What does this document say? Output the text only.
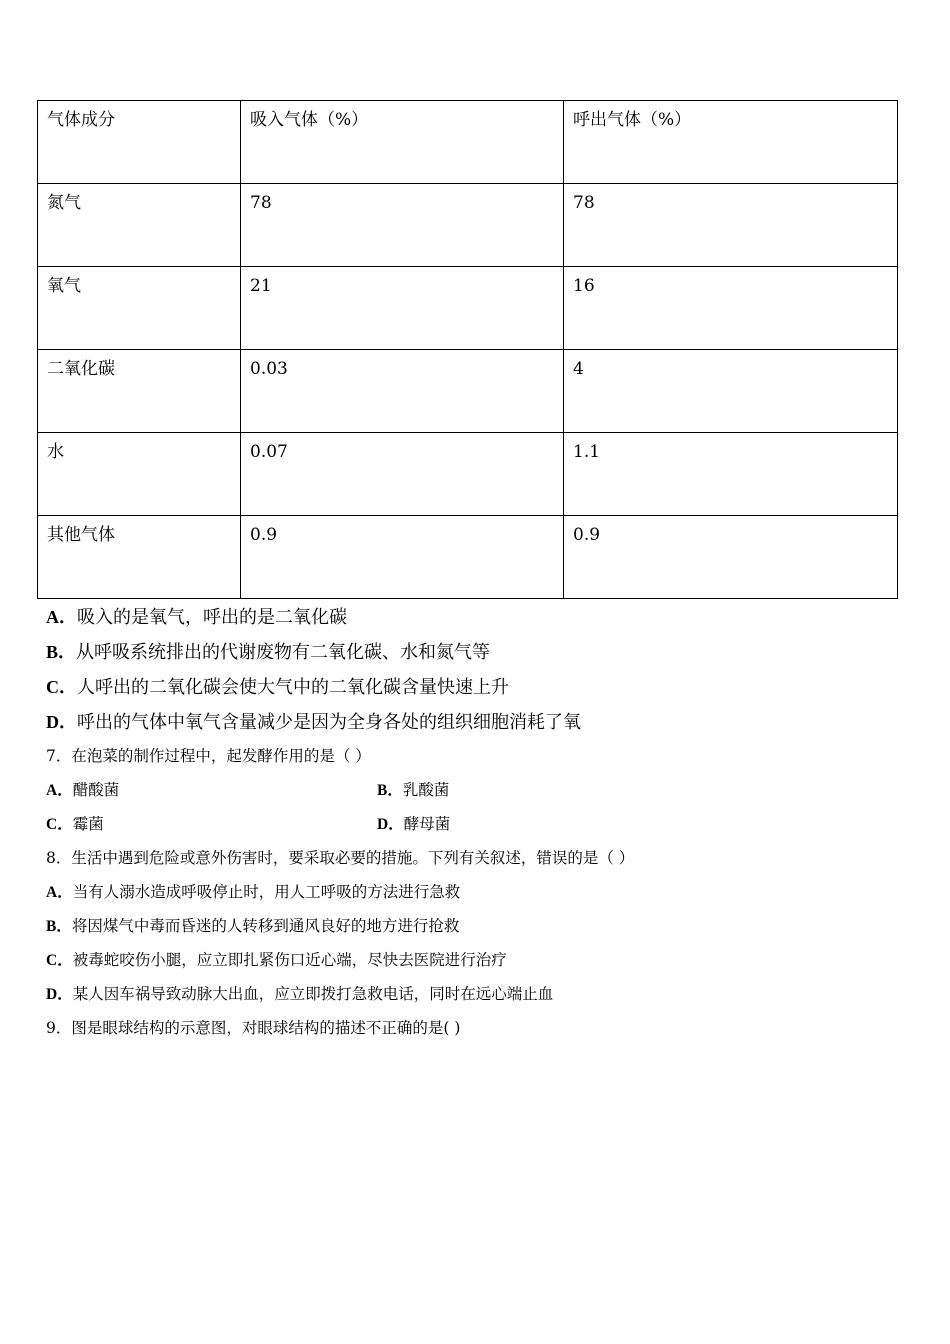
气体成分	吸入气体（%）	呼出气体（%）
氮气	78	78
氧气	21	16
二氧化碳	0.03	4
水	0.07	1.1
其他气体	0.9	0.9
A．吸入的是氧气，呼出的是二氧化碳
B．从呼吸系统排出的代谢废物有二氧化碳、水和氮气等
C．人呼出的二氧化碳会使大气中的二氧化碳含量快速上升
D．呼出的气体中氧气含量减少是因为全身各处的组织细胞消耗了氧
7．在泡菜的制作过程中，起发酵作用的是（ ）
A．醋酸菌	B．乳酸菌
C．霉菌	D．酵母菌
8．生活中遇到危险或意外伤害时，要采取必要的措施。下列有关叙述，错误的是（ ）
A．当有人溺水造成呼吸停止时，用人工呼吸的方法进行急救
B．将因煤气中毒而昏迷的人转移到通风良好的地方进行抢救
C．被毒蛇咬伤小腿，应立即扎紧伤口近心端，尽快去医院进行治疗
D．某人因车祸导致动脉大出血，应立即拨打急救电话，同时在远心端止血
9．图是眼球结构的示意图，对眼球结构的描述不正确的是( )
